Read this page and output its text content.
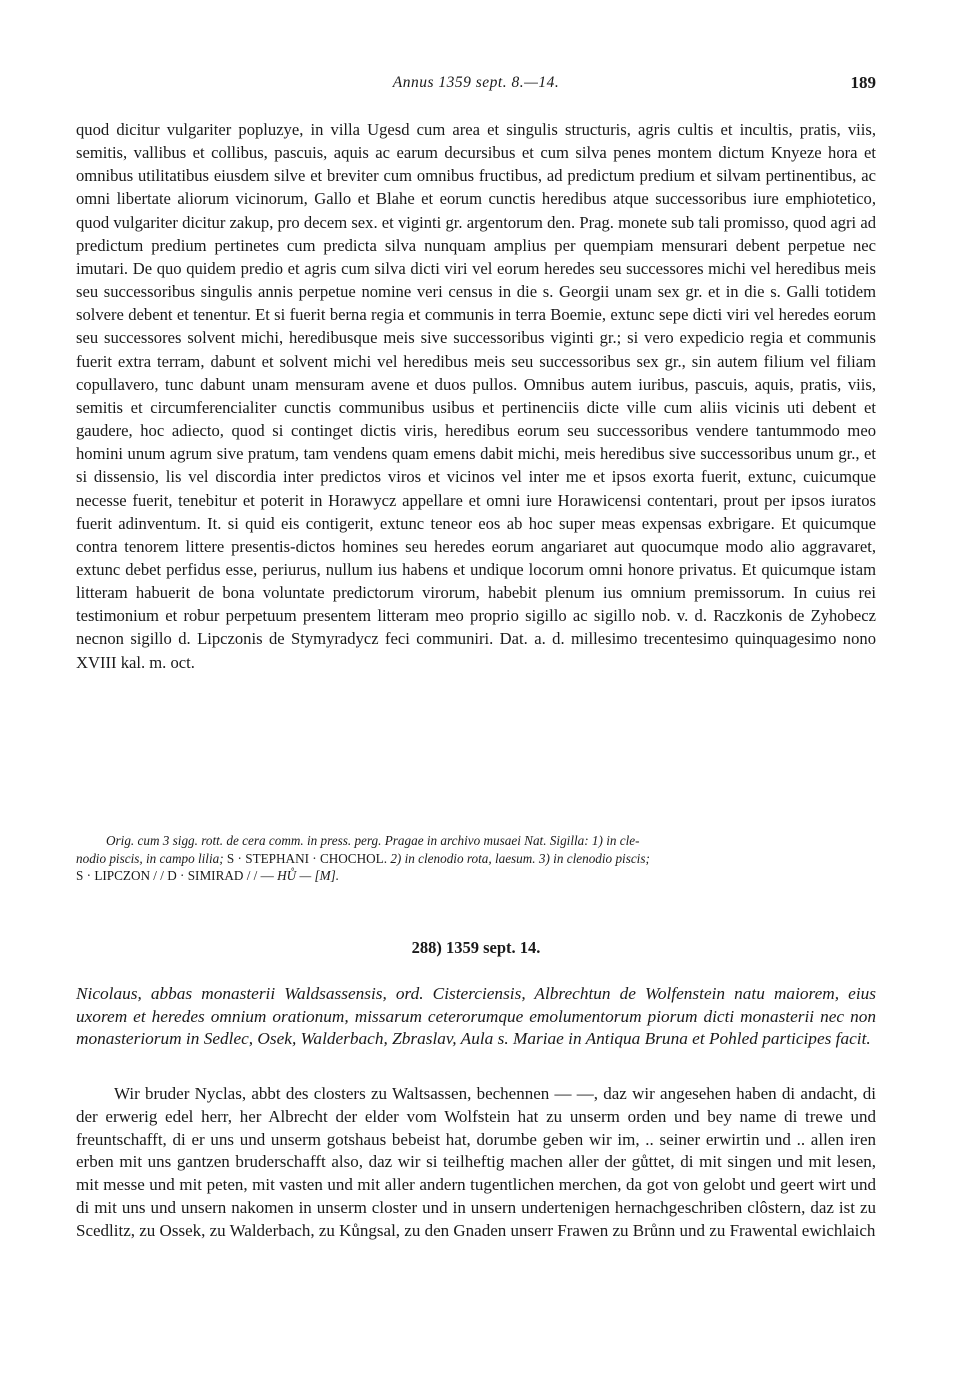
Annus 1359 sept. 8.—14.	189

quod dicitur vulgariter popluzye, in villa Ugesd cum area et singulis structuris, agris cultis et incultis, pratis, viis, semitis, vallibus et collibus, pascuis, aquis ac earum decursibus et cum silva penes montem dictum Knyeze hora et omnibus utilitatibus eiusdem silve et breviter cum omnibus fructibus, ad predictum predium et silvam pertinentibus, ac omni libertate aliorum vicinorum, Gallo et Blahe et eorum cunctis heredibus atque successoribus iure emphiotetico, quod vulgariter dicitur zakup, pro decem sex. et viginti gr. argentorum den. Prag. monete sub tali promisso, quod agri ad predictum predium pertinetes cum predicta silva nunquam amplius per quempiam mensurari debent perpetue nec imutari. De quo quidem predio et agris cum silva dicti viri vel eorum heredes seu successores michi vel heredibus meis seu successoribus singulis annis perpetue nomine veri census in die s. Georgii unam sex gr. et in die s. Galli totidem solvere debent et tenentur. Et si fuerit berna regia et communis in terra Boemie, extunc sepe dicti viri vel heredes eorum seu successores solvent michi, heredibusque meis sive successoribus viginti gr.; si vero expedicio regia et communis fuerit extra terram, dabunt et solvent michi vel heredibus meis seu successoribus sex gr., sin autem filium vel filiam copullavero, tunc dabunt unam mensuram avene et duos pullos. Omnibus autem iuribus, pascuis, aquis, pratis, viis, semitis et circumferencialiter cunctis communibus usibus et pertinenciis dicte ville cum aliis vicinis uti debent et gaudere, hoc adiecto, quod si continget dictis viris, heredibus eorum seu successoribus vendere tantummodo meo homini unum agrum sive pratum, tam vendens quam emens dabit michi, meis heredibus sive successoribus unum gr., et si dissensio, lis vel discordia inter predictos viros et vicinos vel inter me et ipsos exorta fuerit, extunc, cuicumque necesse fuerit, tenebitur et poterit in Horawycz appellare et omni iure Horawicensi contentari, prout per ipsos iuratos fuerit adinventum. It. si quid eis contigerit, extunc teneor eos ab hoc super meas expensas exbrigare. Et quicumque contra tenorem littere presentis-dictos homines seu heredes eorum angariaret aut quocumque modo alio aggravaret, extunc debet perfidus esse, periurus, nullum ius habens et undique locorum omni honore privatus. Et quicumque istam litteram habuerit de bona voluntate predictorum virorum, habebit plenum ius omnium premissorum. In cuius rei testimonium et robur perpetuum presentem litteram meo proprio sigillo ac sigillo nob. v. d. Raczkonis de Zyhobecz necnon sigillo d. Lipczonis de Stymyradycz feci communiri. Dat. a. d. millesimo trecentesimo quinquagesimo nono XVIII kal. m. oct.

Orig. cum 3 sigg. rott. de cera comm. in press. perg. Pragae in archivo musaei Nat. Sigilla: 1) in cle-
nodio piscis, in campo lilia; S · STEPHANI · CHOCHOL. 2) in clenodio rota, laesum. 3) in clenodio piscis;
S · LIPCZON / / D · SIMIRAD / / — HŮ — [M].
288) 1359 sept. 14.
Nicolaus, abbas monasterii Waldsassensis, ord. Cisterciensis, Albrechtun de Wolfenstein natu maiorem, eius uxorem et heredes omnium orationum, missarum ceterorumque emolumentorum piorum dicti monasterii nec non monasteriorum in Sedlec, Osek, Walderbach, Zbraslav, Aula s. Mariae in Antiqua Bruna et Pohled participes facit.

Wir bruder Nyclas, abbt des closters zu Waltsassen, bechennen — —, daz wir angesehen haben di andacht, di der erwerig edel herr, her Albrecht der elder vom Wolfstein hat zu unserm orden und bey name di trewe und freuntschafft, di er uns und unserm gotshaus bebeist hat, dorumbe geben wir im, .. seiner erwirtin und .. allen iren erben mit uns gantzen bruderschafft also, daz wir si teilheftig machen aller der gůttet, di mit singen und mit lesen, mit messe und mit peten, mit vasten und mit aller andern tugentlichen merchen, da got von gelobt und geert wirt und di mit uns und unsern nakomen in unserm closter und in unsern undertenigen hernachgeschriben clôstern, daz ist zu Scedlitz, zu Ossek, zu Walderbach, zu Kůngsal, zu den Gnaden unserr Frawen zu Brůnn und zu Frawental ewichlaich
